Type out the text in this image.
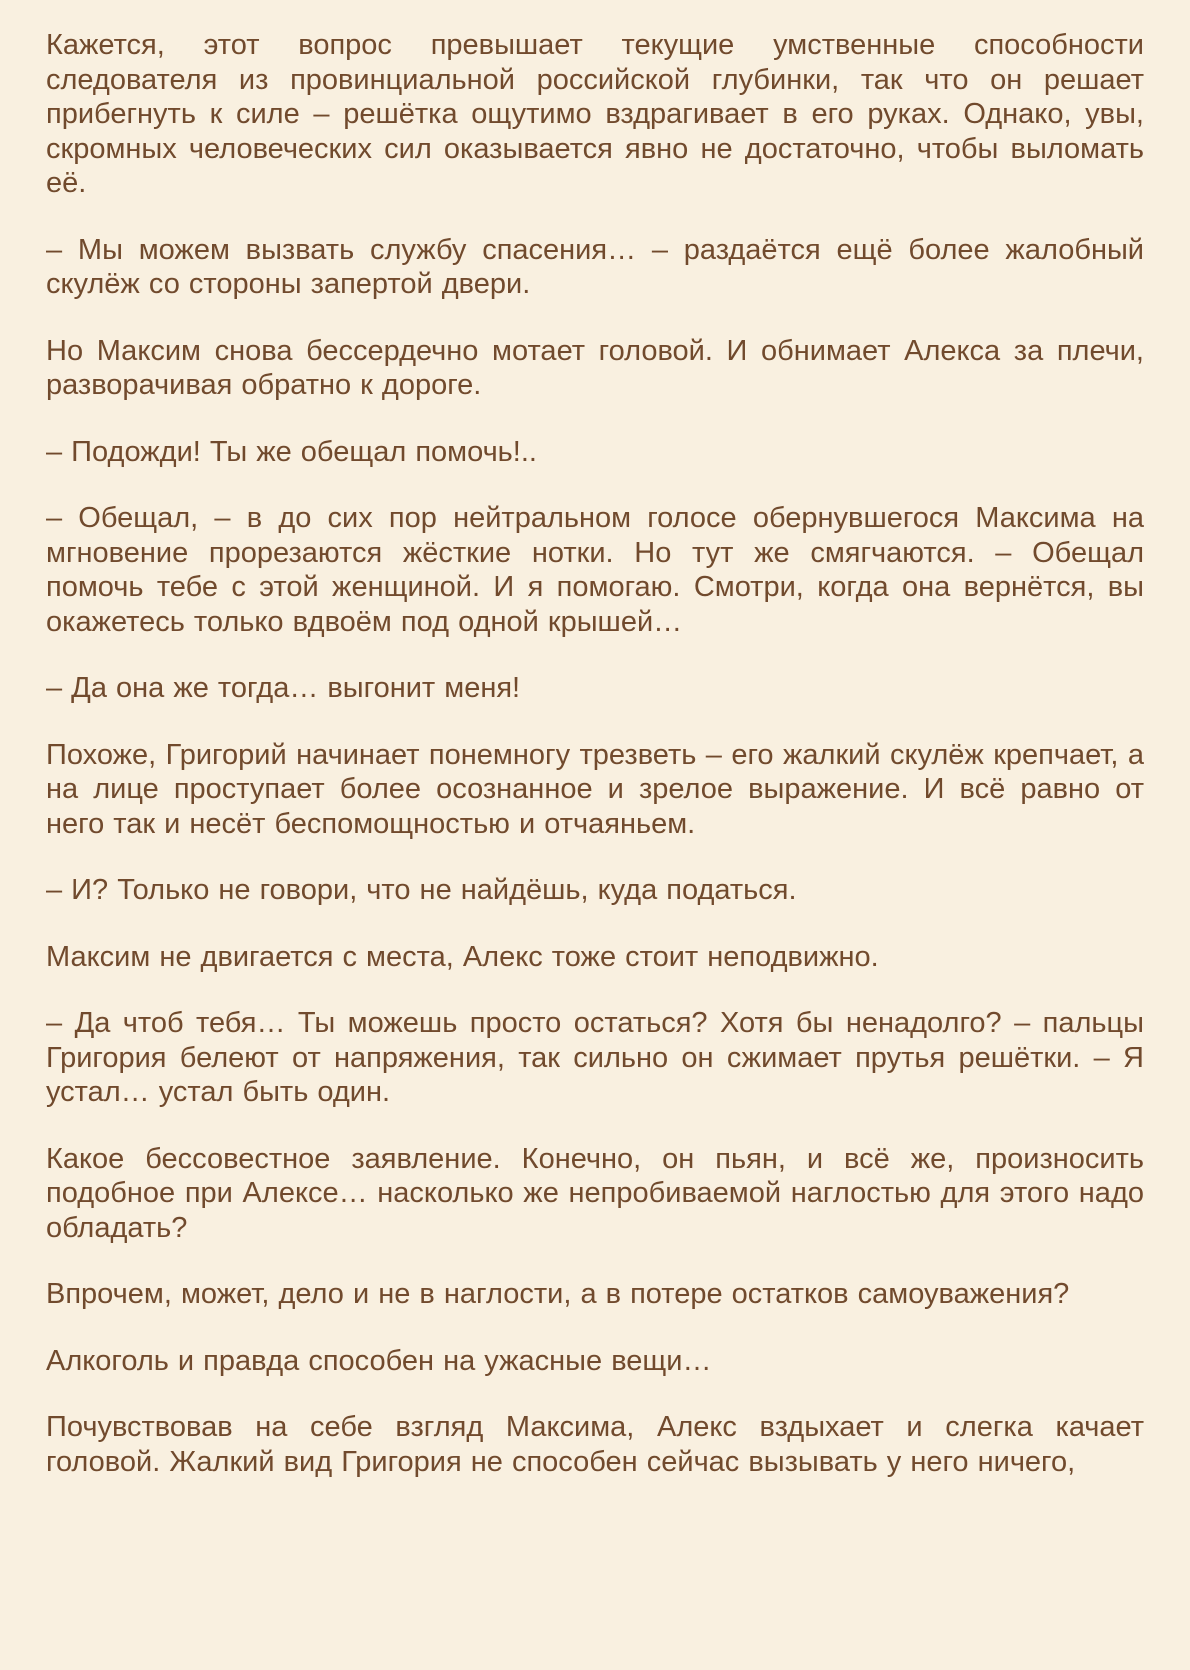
Кажется, этот вопрос превышает текущие умственные способности следователя из провинциальной российской глубинки, так что он решает прибегнуть к силе – решётка ощутимо вздрагивает в его руках. Однако, увы, скромных человеческих сил оказывается явно не достаточно, чтобы выломать её.

– Мы можем вызвать службу спасения… – раздаётся ещё более жалобный скулёж со стороны запертой двери.

Но Максим снова бессердечно мотает головой. И обнимает Алекса за плечи, разворачивая обратно к дороге.

– Подожди! Ты же обещал помочь!..

– Обещал, – в до сих пор нейтральном голосе обернувшегося Максима на мгновение прорезаются жёсткие нотки. Но тут же смягчаются. – Обещал помочь тебе с этой женщиной. И я помогаю. Смотри, когда она вернётся, вы окажетесь только вдвоём под одной крышей…

– Да она же тогда… выгонит меня!

Похоже, Григорий начинает понемногу трезветь – его жалкий скулёж крепчает, а на лице проступает более осознанное и зрелое выражение. И всё равно от него так и несёт беспомощностью и отчаяньем.

– И? Только не говори, что не найдёшь, куда податься.

Максим не двигается с места, Алекс тоже стоит неподвижно.

– Да чтоб тебя… Ты можешь просто остаться? Хотя бы ненадолго? – пальцы Григория белеют от напряжения, так сильно он сжимает прутья решётки. – Я устал… устал быть один.

Какое бессовестное заявление. Конечно, он пьян, и всё же, произносить подобное при Алексе… насколько же непробиваемой наглостью для этого надо обладать?

Впрочем, может, дело и не в наглости, а в потере остатков самоуважения?

Алкоголь и правда способен на ужасные вещи…

Почувствовав на себе взгляд Максима, Алекс вздыхает и слегка качает головой. Жалкий вид Григория не способен сейчас вызывать у него ничего,
